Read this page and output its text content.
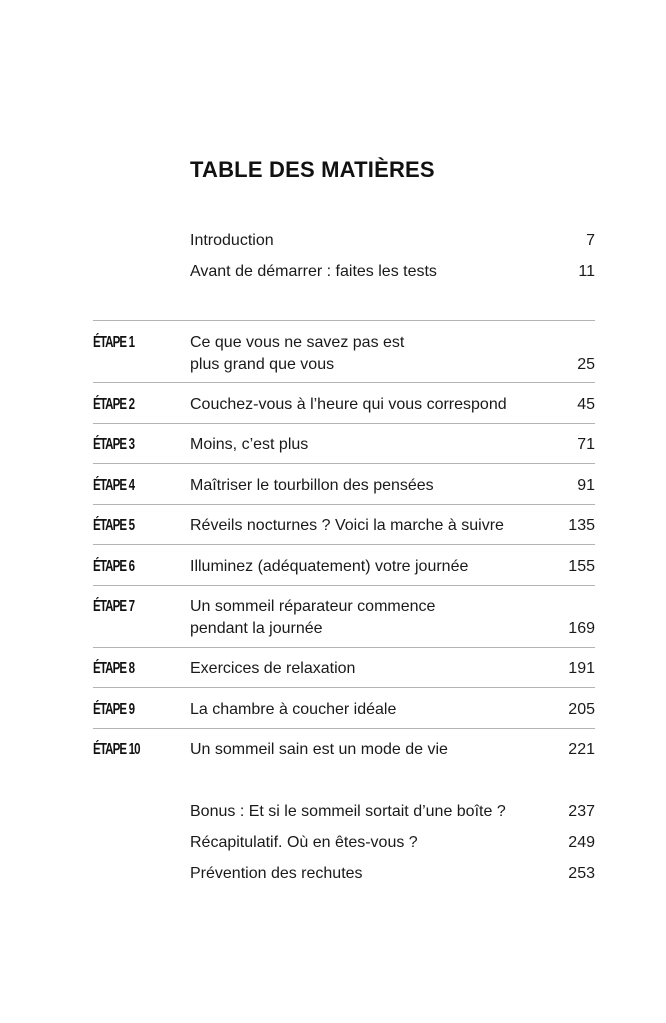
TABLE DES MATIÈRES
Introduction	7
Avant de démarrer : faites les tests	11
ÉTAPE 1	Ce que vous ne savez pas est
plus grand que vous	25
ÉTAPE 2	Couchez-vous à l’heure qui vous correspond	45
ÉTAPE 3	Moins, c’est plus	71
ÉTAPE 4	Maîtriser le tourbillon des pensées	91
ÉTAPE 5	Réveils nocturnes ? Voici la marche à suivre	135
ÉTAPE 6	Illuminez (adéquatement) votre journée	155
ÉTAPE 7	Un sommeil réparateur commence
pendant la journée	169
ÉTAPE 8	Exercices de relaxation	191
ÉTAPE 9	La chambre à coucher idéale	205
ÉTAPE 10	Un sommeil sain est un mode de vie	221
Bonus : Et si le sommeil sortait d’une boîte ?	237
Récapitulatif. Où en êtes-vous ?	249
Prévention des rechutes	253
